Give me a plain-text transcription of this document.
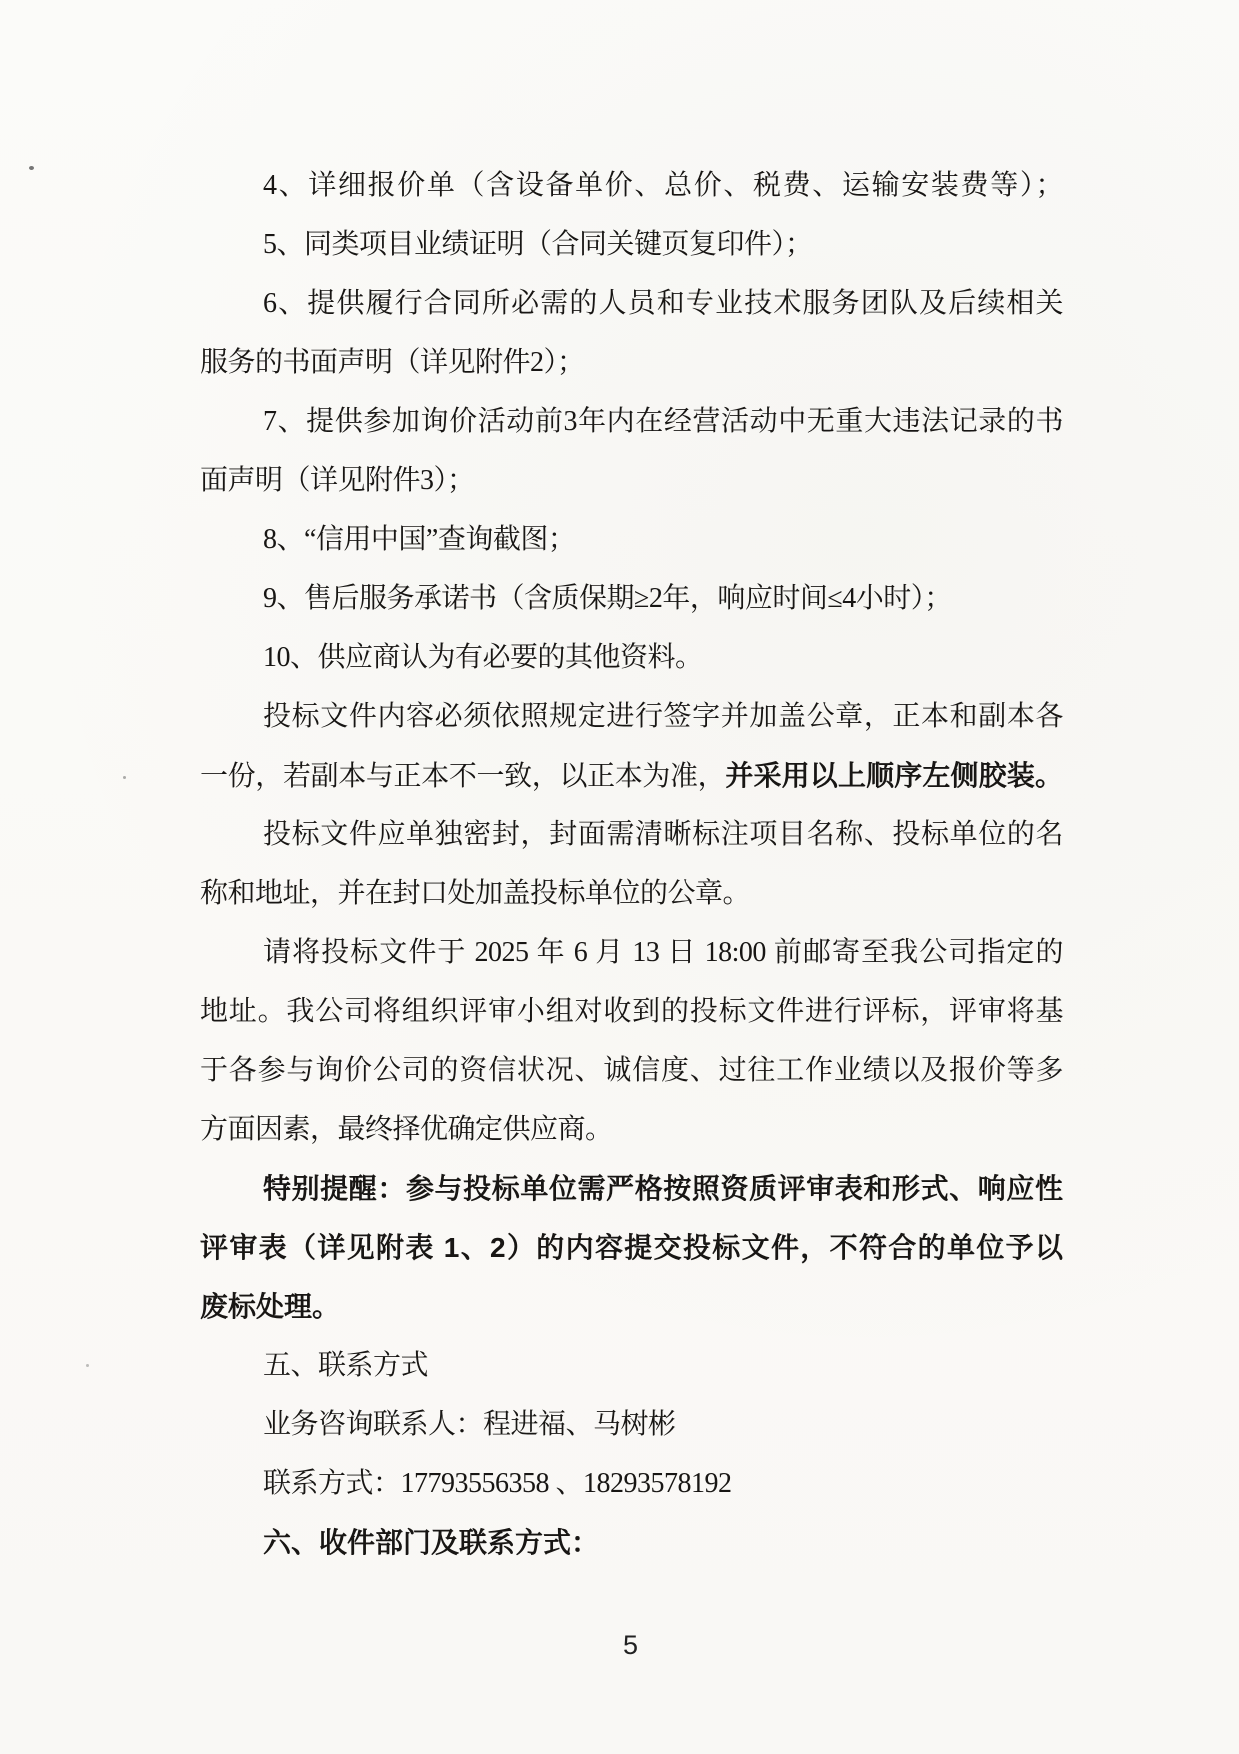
4、详细报价单（含设备单价、总价、税费、运输安装费等）；
5、同类项目业绩证明（合同关键页复印件）；
6、提供履行合同所必需的人员和专业技术服务团队及后续相关
服务的书面声明（详见附件2）；
7、提供参加询价活动前3年内在经营活动中无重大违法记录的书
面声明（详见附件3）；
8、“信用中国”查询截图；
9、售后服务承诺书（含质保期≥2年，响应时间≤4小时）；
10、供应商认为有必要的其他资料。
投标文件内容必须依照规定进行签字并加盖公章，正本和副本各
一份，若副本与正本不一致，以正本为准，并采用以上顺序左侧胶装。
投标文件应单独密封，封面需清晰标注项目名称、投标单位的名
称和地址，并在封口处加盖投标单位的公章。
请将投标文件于 2025 年 6 月 13 日 18:00 前邮寄至我公司指定的
地址。我公司将组织评审小组对收到的投标文件进行评标，评审将基
于各参与询价公司的资信状况、诚信度、过往工作业绩以及报价等多
方面因素，最终择优确定供应商。
特别提醒：参与投标单位需严格按照资质评审表和形式、响应性
评审表（详见附表 1、2）的内容提交投标文件，不符合的单位予以
废标处理。
五、联系方式
业务咨询联系人：程进福、马树彬
联系方式：17793556358 、18293578192
六、收件部门及联系方式：
5
